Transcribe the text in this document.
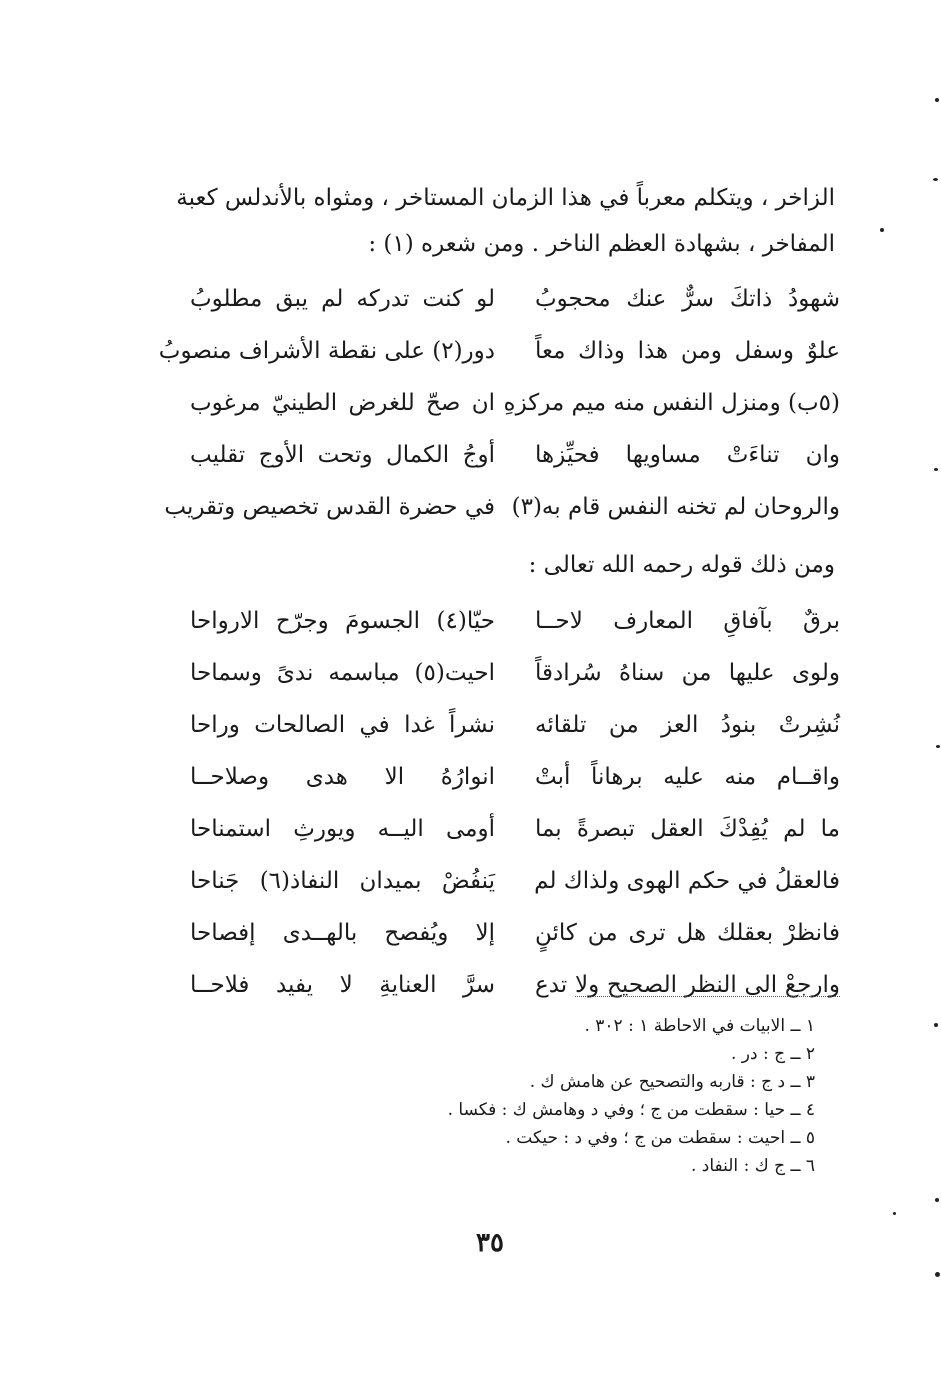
الزاخر ، ويتكلم معرباً في هذا الزمان المستاخر ، ومثواه بالأندلس كعبة
المفاخر ، بشهادة العظم الناخر . ومن شعره (١) :
شهودُ ذاتكَ سرٌّ عنك محجوبُ
لو كنت تدركه لم يبق مطلوبُ
علوٌ وسفل ومن هذا وذاك معاً
دور(٢) على نقطة الأشراف منصوبُ
(٥ب) ومنزل النفس منه ميم مركزهِ
ان صحّ للغرض الطينيّ مرغوب
وان تناءَتْ مساويها فحيِّزها
أوجُ الكمال وتحت الأوج تقليب
والروحان لم تخنه النفس قام به(٣)
في حضرة القدس تخصيص وتقريب
ومن ذلك قوله رحمه الله تعالى :
برقٌ بآفاقِ المعارف لاحــا
حيّا(٤) الجسومَ وجرّح الارواحا
ولوى عليها من سناهُ سُرادقاً
احيت(٥) مباسمه ندىً وسماحا
نُشِرتْ بنودُ العز من تلقائه
نشراً غدا في الصالحات وراحا
واقــام منه عليه برهاناً أبتْ
انوارُهُ الا هدى وصلاحــا
ما لم يُفِدْكَ العقل تبصرةً بما
أومى اليــه ويورثِ استمناحا
فالعقلُ في حكم الهوى ولذاك لم
يَنفُضْ بميدان النفاذ(٦) جَناحا
فانظرْ بعقلك هل ترى من كائنٍ
إلا ويُفصح بالهــدى إفصاحا
وارجعْ الى النظر الصحيح ولا تدع
سرَّ العنايةِ لا يفيد فلاحــا
١ ــ الابيات في الاحاطة ١ : ٣٠٢ .
٢ ــ ج : در .
٣ ــ د ج : قاربه والتصحيح عن هامش ك .
٤ ــ حيا : سقطت من ج ؛ وفي د وهامش ك : فكسا .
٥ ــ احيت : سقطت من ج ؛ وفي د : حيكت .
٦ ــ ج ك : النفاد .
٣٥
